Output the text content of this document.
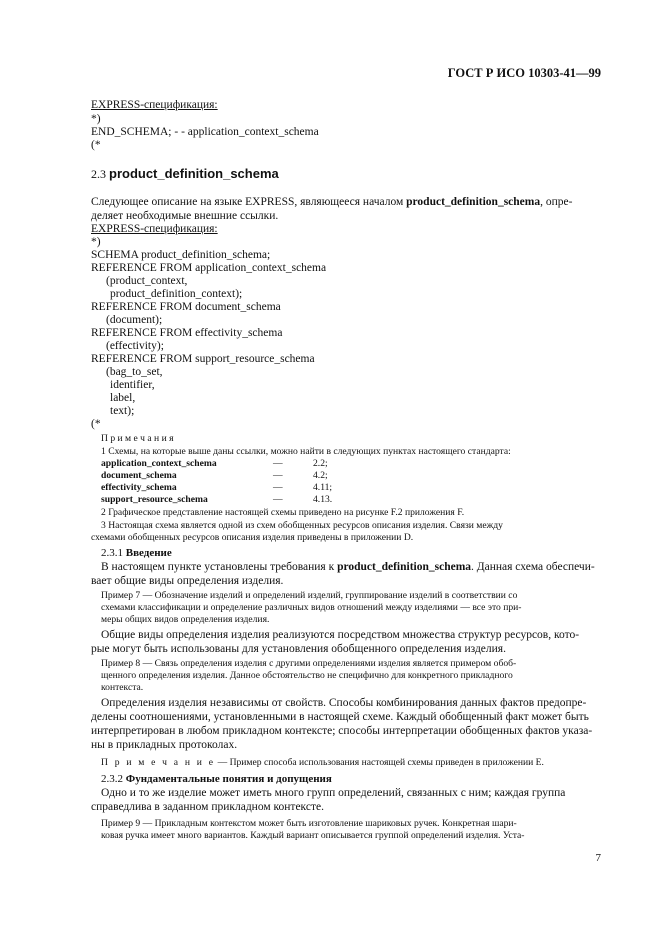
ГОСТ Р ИСО 10303-41—99
EXPRESS-спецификация:
*)
END_SCHEMA; - - application_context_schema
(*
2.3 product_definition_schema
Следующее описание на языке EXPRESS, являющееся началом product_definition_schema, опре-
деляет необходимые внешние ссылки.
EXPRESS-спецификация:
*)
SCHEMA product_definition_schema;
REFERENCE FROM application_context_schema
(product_context,
product_definition_context);
REFERENCE FROM document_schema
(document);
REFERENCE FROM effectivity_schema
(effectivity);
REFERENCE FROM support_resource_schema
(bag_to_set,
identifier,
label,
text);
(*
П р и м е ч а н и я
1 Схемы, на которые выше даны ссылки, можно найти в следующих пунктах настоящего стандарта:
application_context_schema	—	2.2;
document_schema	—	4.2;
effectivity_schema	—	4.11;
support_resource_schema	—	4.13.
2 Графическое представление настоящей схемы приведено на рисунке F.2 приложения F.
3 Настоящая схема является одной из схем обобщенных ресурсов описания изделия. Связи между
схемами обобщенных ресурсов описания изделия приведены в приложении D.
2.3.1 Введение
В настоящем пункте установлены требования к product_definition_schema. Данная схема обеспечи-
вает общие виды определения изделия.
Пример 7 — Обозначение изделий и определений изделий, группирование изделий в соответствии со
схемами классификации и определение различных видов отношений между изделиями — все это при-
меры общих видов определения изделия.
Общие виды определения изделия реализуются посредством множества структур ресурсов, кото-
рые могут быть использованы для установления обобщенного определения изделия.
Пример 8 — Связь определения изделия с другими определениями изделия является примером обоб-
щенного определения изделия. Данное обстоятельство не специфично для конкретного прикладного
контекста.
Определения изделия независимы от свойств. Способы комбинирования данных фактов предопре-
делены соотношениями, установленными в настоящей схеме. Каждый обобщенный факт может быть
интерпретирован в любом прикладном контексте; способы интерпретации обобщенных фактов указа-
ны в прикладных протоколах.
П р и м е ч а н и е — Пример способа использования настоящей схемы приведен в приложении E.
2.3.2 Фундаментальные понятия и допущения
Одно и то же изделие может иметь много групп определений, связанных с ним; каждая группа
справедлива в заданном прикладном контексте.
Пример 9 — Прикладным контекстом может быть изготовление шариковых ручек. Конкретная шари-
ковая ручка имеет много вариантов. Каждый вариант описывается группой определений изделия. Уста-
7
